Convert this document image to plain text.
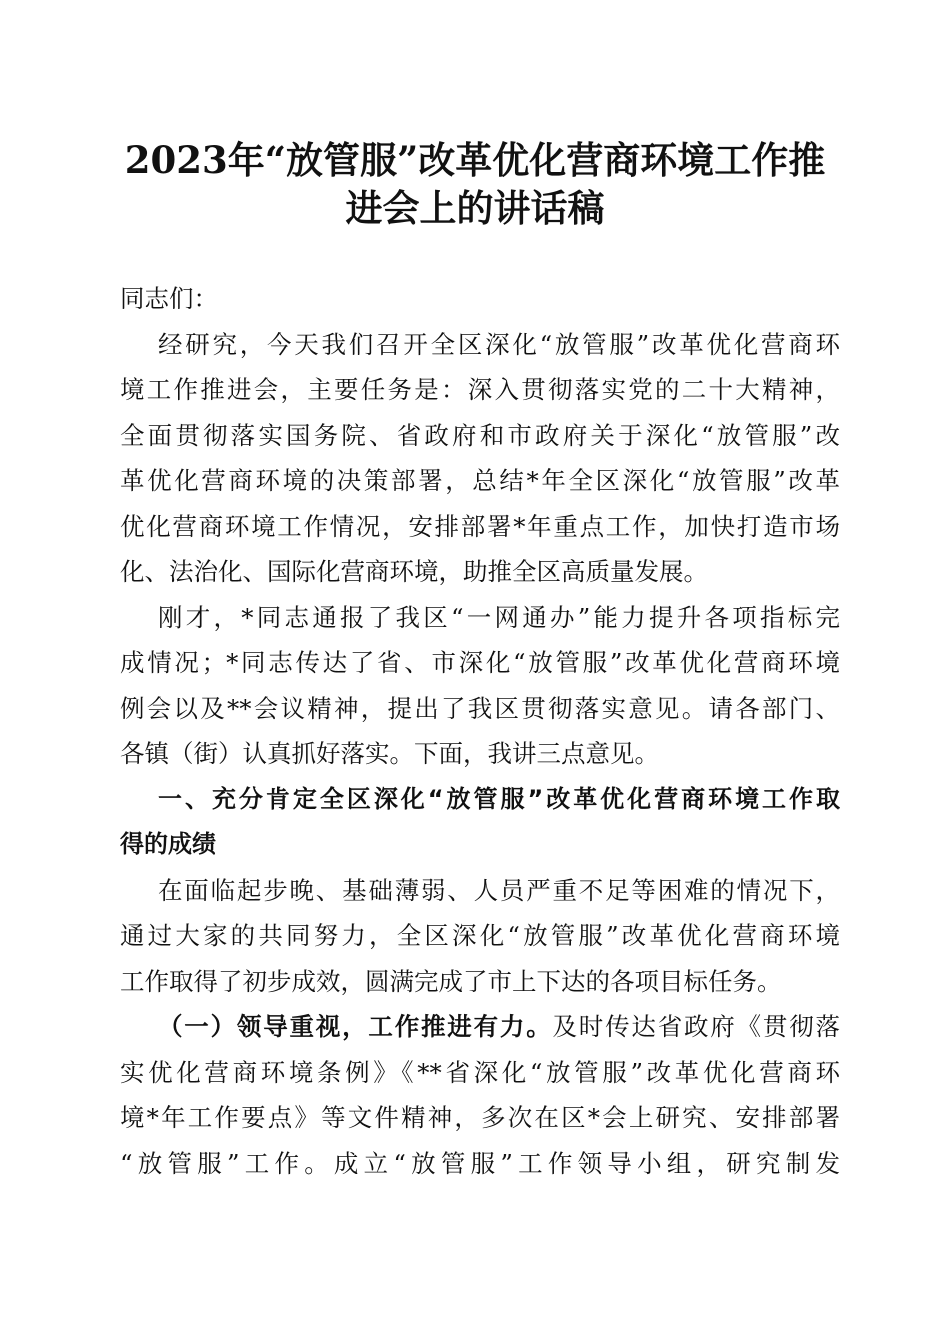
2023年“放管服”改革优化营商环境工作推
进会上的讲话稿
同志们：
经研究，今天我们召开全区深化“放管服”改革优化营商环
境工作推进会，主要任务是：深入贯彻落实党的二十大精神，
全面贯彻落实国务院、省政府和市政府关于深化“放管服”改
革优化营商环境的决策部署，总结*年全区深化“放管服”改革
优化营商环境工作情况，安排部署*年重点工作，加快打造市场
化、法治化、国际化营商环境，助推全区高质量发展。
刚才，*同志通报了我区“一网通办”能力提升各项指标完
成情况；*同志传达了省、市深化“放管服”改革优化营商环境
例会以及**会议精神，提出了我区贯彻落实意见。请各部门、
各镇（街）认真抓好落实。下面，我讲三点意见。
一、充分肯定全区深化“放管服”改革优化营商环境工作取
得的成绩
在面临起步晚、基础薄弱、人员严重不足等困难的情况下，
通过大家的共同努力，全区深化“放管服”改革优化营商环境
工作取得了初步成效，圆满完成了市上下达的各项目标任务。
（一）领导重视，工作推进有力。及时传达省政府《贯彻落
实优化营商环境条例》《**省深化“放管服”改革优化营商环
境*年工作要点》等文件精神，多次在区*会上研究、安排部署
“放管服”工作。成立“放管服”工作领导小组，研究制发
